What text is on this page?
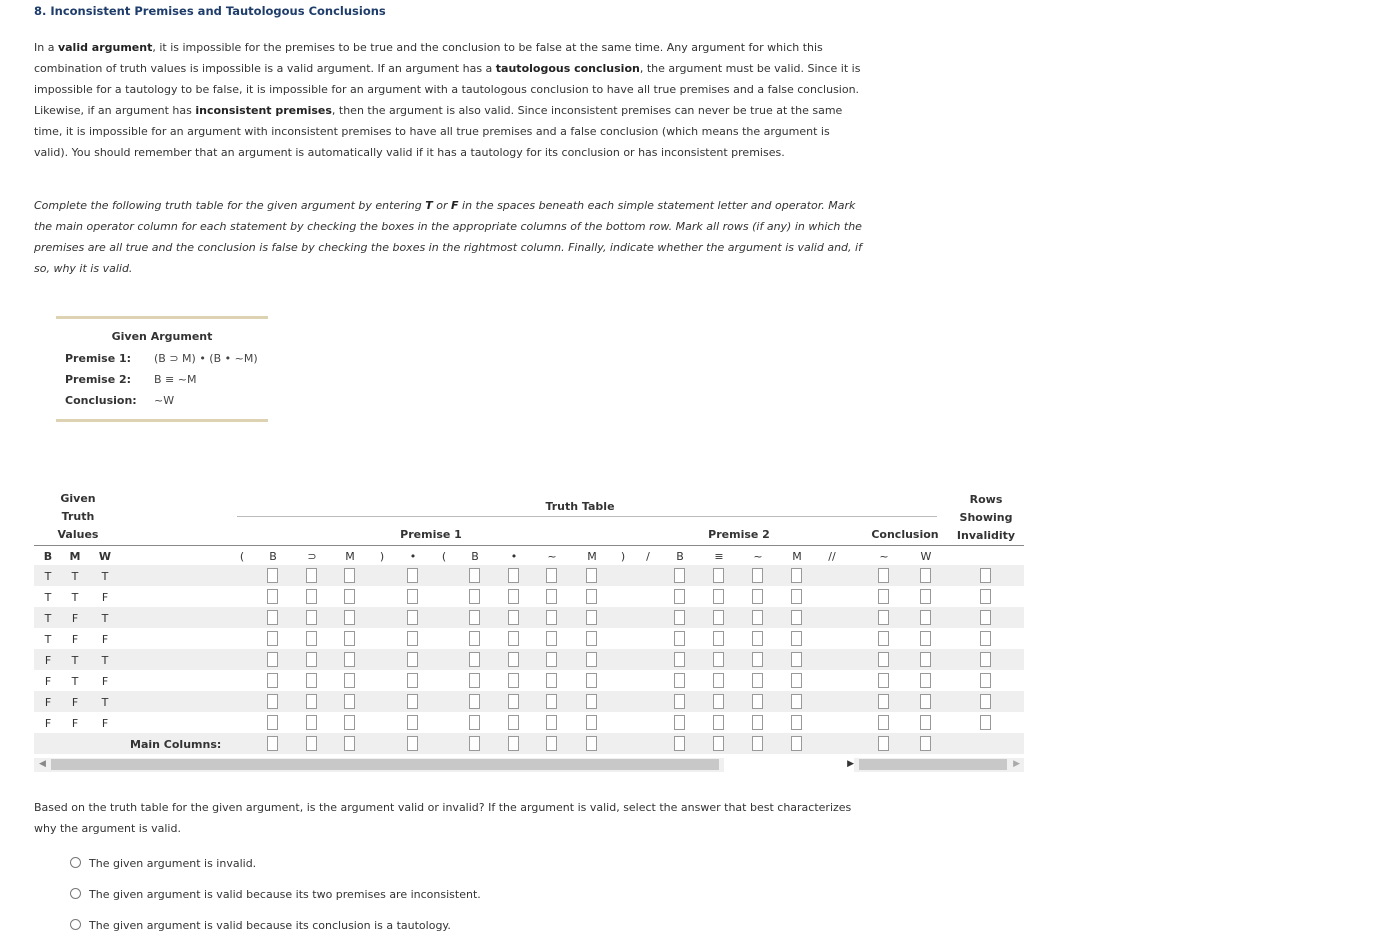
8. Inconsistent Premises and Tautologous Conclusions
In a valid argument, it is impossible for the premises to be true and the conclusion to be false at the same time. Any argument for which this combination of truth values is impossible is a valid argument. If an argument has a tautologous conclusion, the argument must be valid. Since it is impossible for a tautology to be false, it is impossible for an argument with a tautologous conclusion to have all true premises and a false conclusion. Likewise, if an argument has inconsistent premises, then the argument is also valid. Since inconsistent premises can never be true at the same time, it is impossible for an argument with inconsistent premises to have all true premises and a false conclusion (which means the argument is valid). You should remember that an argument is automatically valid if it has a tautology for its conclusion or has inconsistent premises.
Complete the following truth table for the given argument by entering T or F in the spaces beneath each simple statement letter and operator. Mark the main operator column for each statement by checking the boxes in the appropriate columns of the bottom row. Mark all rows (if any) in which the premises are all true and the conclusion is false by checking the boxes in the rightmost column. Finally, indicate whether the argument is valid and, if so, why it is valid.
Given Argument
Premise 1: (B ⊃ M) • (B • ~M)
Premise 2: B ≡ ~M
Conclusion: ~W
Given
Truth
Values
Truth Table
Premise 1	Premise 2	Conclusion
Rows
Showing
Invalidity
B	M	W	(	B	⊃	M	)	•	(	B	•	~	M	)	/	B	≡	~	M	//	~	W
T	T	T
T	T	F
T	F	T
T	F	F
F	T	T
F	T	F
F	F	T
F	F	F
Main Columns:
◀	▶	▶
Based on the truth table for the given argument, is the argument valid or invalid? If the argument is valid, select the answer that best characterizes why the argument is valid.
The given argument is invalid.
The given argument is valid because its two premises are inconsistent.
The given argument is valid because its conclusion is a tautology.
